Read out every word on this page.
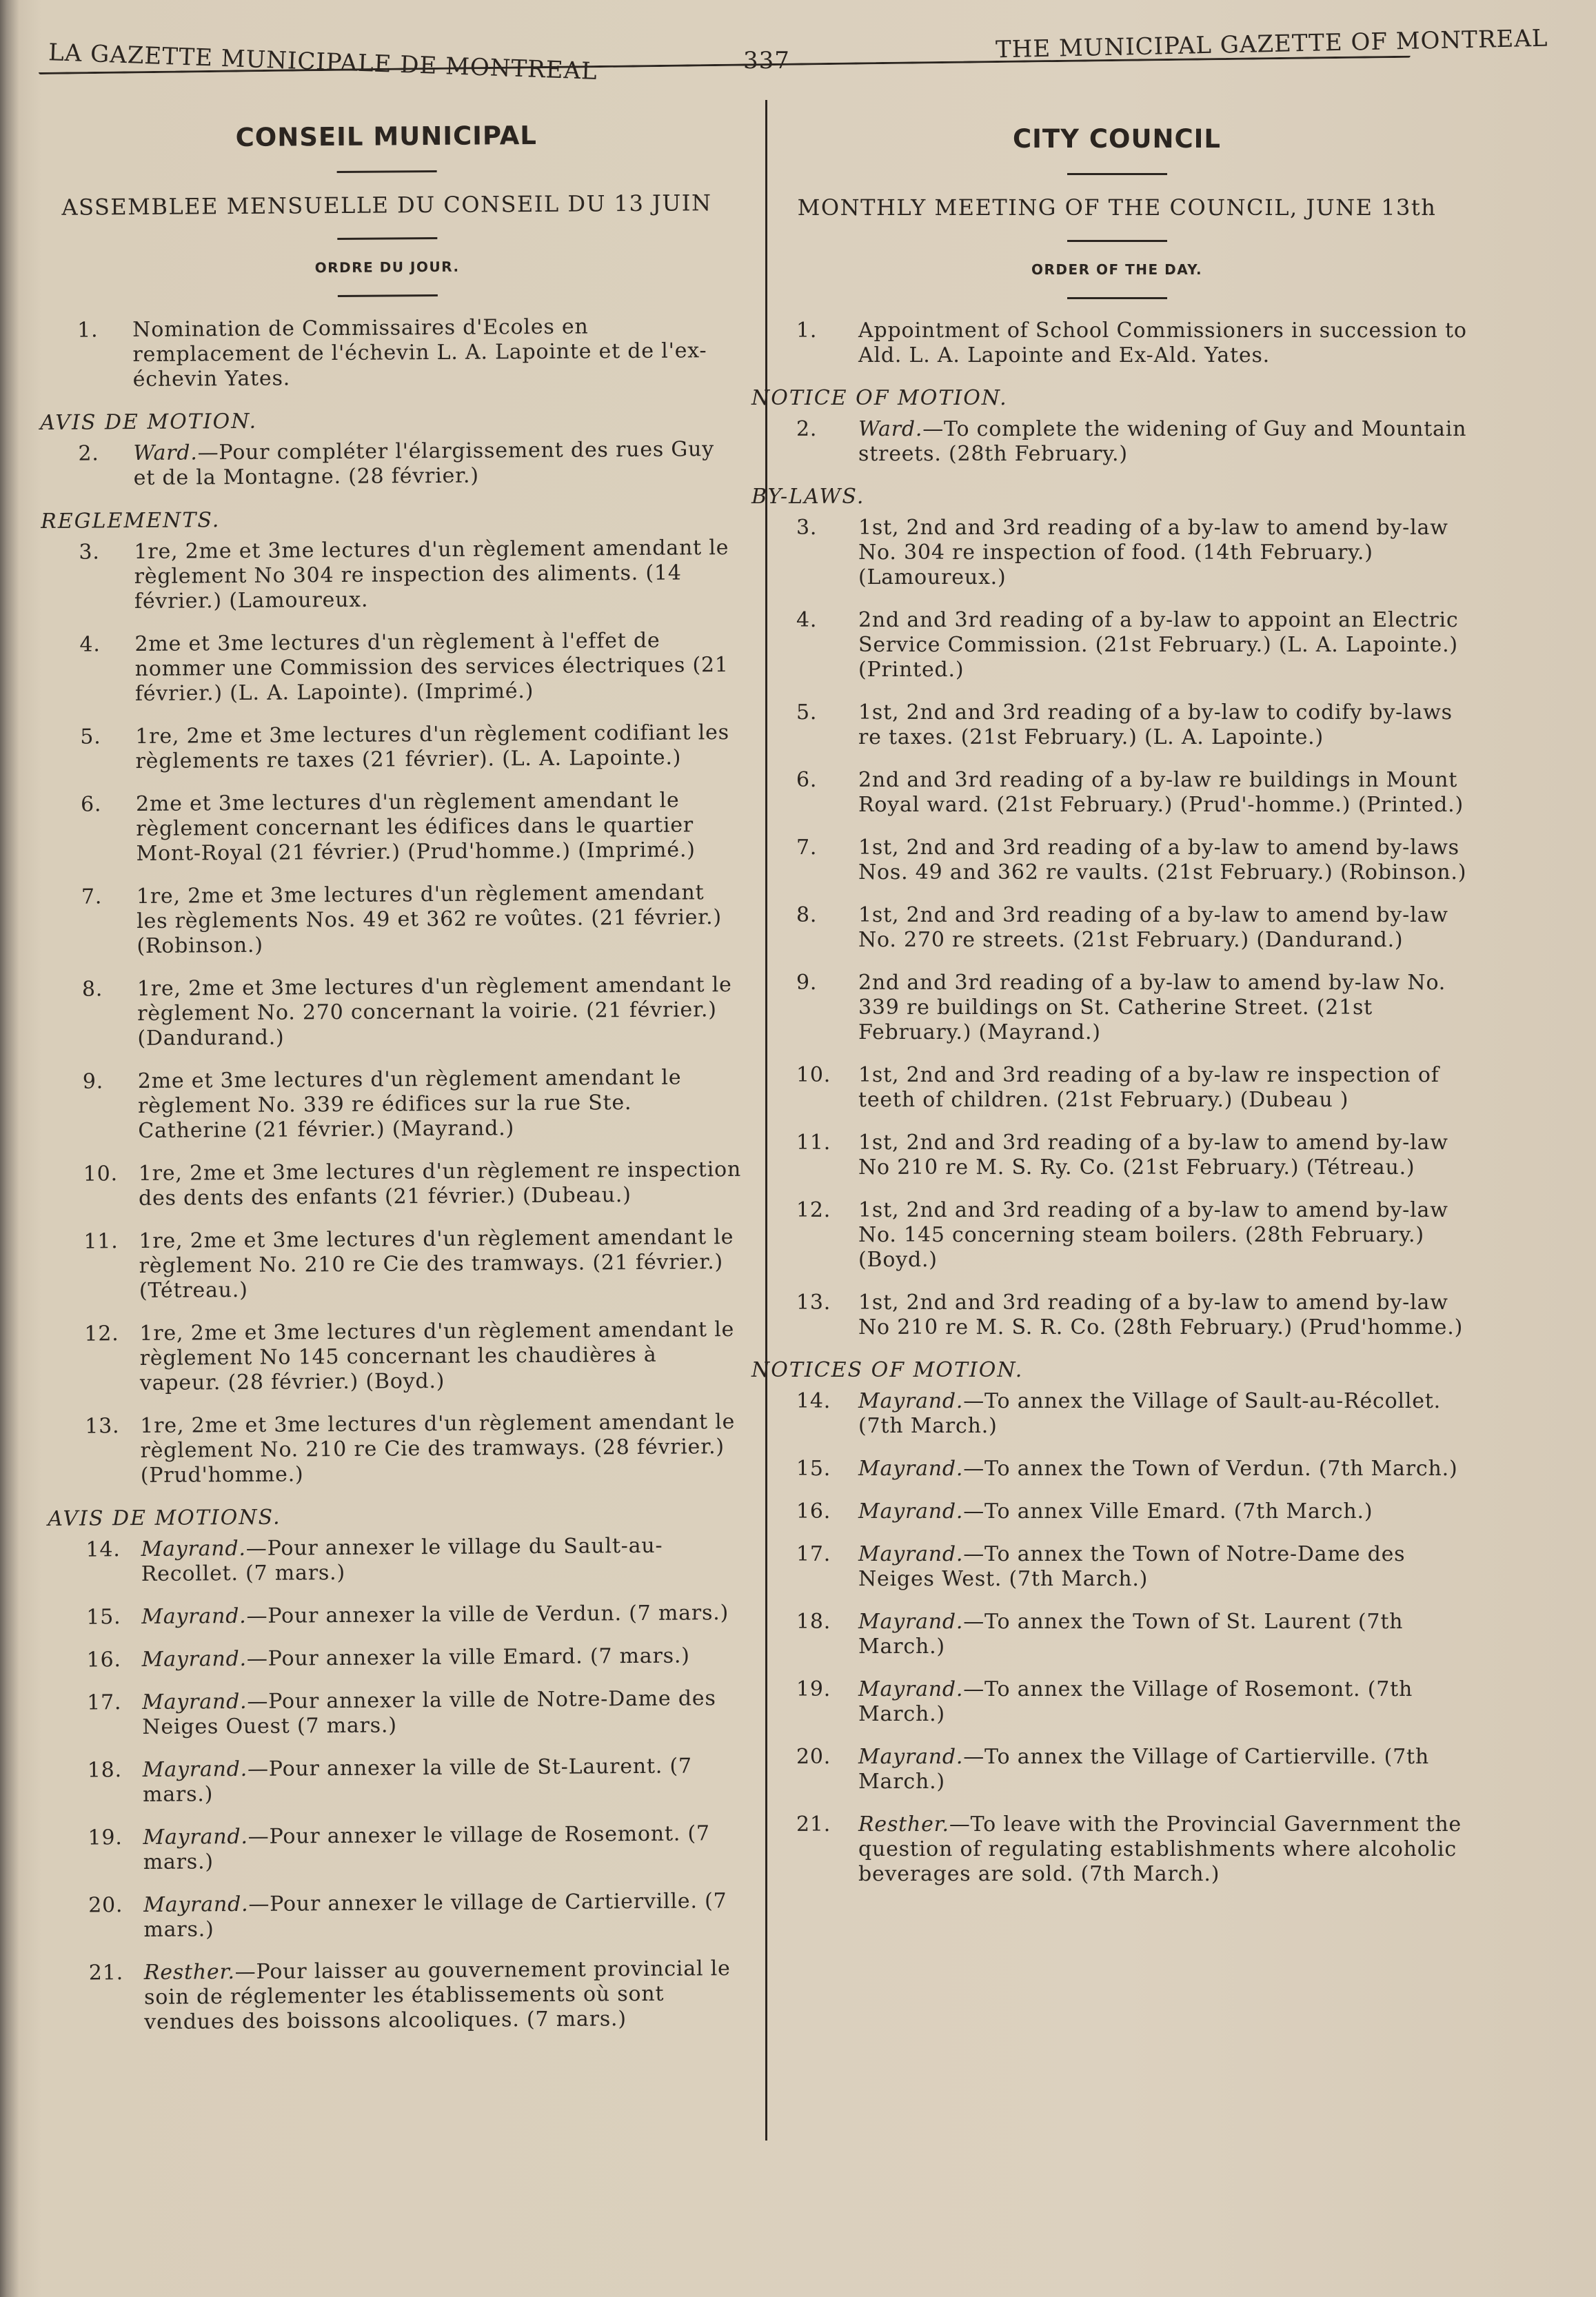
LA GAZETTE MUNICIPALE DE MONTREAL	337	THE MUNICIPAL GAZETTE OF MONTREAL
CONSEIL MUNICIPAL
ASSEMBLEE MENSUELLE DU CONSEIL DU 13 JUIN
ORDRE DU JOUR.
1. Nomination de Commissaires d'Ecoles en remplacement de l'échevin L. A. Lapointe et de l'ex-échevin Yates.
AVIS DE MOTION.
2. Ward.—Pour compléter l'élargissement des rues Guy et de la Montagne. (28 février.)
REGLEMENTS.
3. 1re, 2me et 3me lectures d'un règlement amendant le règlement No 304 re inspection des aliments. (14 février.) (Lamoureux.
4. 2me et 3me lectures d'un règlement à l'effet de nommer une Commission des services électriques (21 février.) (L. A. Lapointe). (Imprimé.)
5. 1re, 2me et 3me lectures d'un règlement codifiant les règlements re taxes (21 février). (L. A. Lapointe.)
6. 2me et 3me lectures d'un règlement amendant le règlement concernant les édifices dans le quartier Mont-Royal (21 février.) (Prud'homme.) (Imprimé.)
7. 1re, 2me et 3me lectures d'un règlement amendant les règlements Nos. 49 et 362 re voûtes. (21 février.) (Robinson.)
8. 1re, 2me et 3me lectures d'un règlement amendant le règlement No. 270 concernant la voirie. (21 février.) (Dandurand.)
9. 2me et 3me lectures d'un règlement amendant le règlement No. 339 re édifices sur la rue Ste. Catherine (21 février.) (Mayrand.)
10. 1re, 2me et 3me lectures d'un règlement re inspection des dents des enfants (21 février.) (Dubeau.)
11. 1re, 2me et 3me lectures d'un règlement amendant le règlement No. 210 re Cie des tramways. (21 février.) (Tétreau.)
12. 1re, 2me et 3me lectures d'un règlement amendant le règlement No 145 concernant les chaudières à vapeur. (28 février.) (Boyd.)
13. 1re, 2me et 3me lectures d'un règlement amendant le règlement No. 210 re Cie des tramways. (28 février.) (Prud'homme.)
AVIS DE MOTIONS.
14. Mayrand.—Pour annexer le village du Sault-au-Recollet. (7 mars.)
15. Mayrand.—Pour annexer la ville de Verdun. (7 mars.)
16. Mayrand.—Pour annexer la ville Emard. (7 mars.)
17. Mayrand.—Pour annexer la ville de Notre-Dame des Neiges Ouest (7 mars.)
18. Mayrand.—Pour annexer la ville de St-Laurent. (7 mars.)
19. Mayrand.—Pour annexer le village de Rosemont. (7 mars.)
20. Mayrand.—Pour annexer le village de Cartierville. (7 mars.)
21. Resther.—Pour laisser au gouvernement provincial le soin de réglementer les établissements où sont vendues des boissons alcooliques. (7 mars.)
CITY COUNCIL
MONTHLY MEETING OF THE COUNCIL, JUNE 13th
ORDER OF THE DAY.
1. Appointment of School Commissioners in succession to Ald. L. A. Lapointe and Ex-Ald. Yates.
NOTICE OF MOTION.
2. Ward.—To complete the widening of Guy and Mountain streets. (28th February.)
BY-LAWS.
3. 1st, 2nd and 3rd reading of a by-law to amend by-law No. 304 re inspection of food. (14th February.) (Lamoureux.)
4. 2nd and 3rd reading of a by-law to appoint an Electric Service Commission. (21st February.) (L. A. Lapointe.) (Printed.)
5. 1st, 2nd and 3rd reading of a by-law to codify by-laws re taxes. (21st February.) (L. A. Lapointe.)
6. 2nd and 3rd reading of a by-law re buildings in Mount Royal ward. (21st February.) (Prud'-homme.) (Printed.)
7. 1st, 2nd and 3rd reading of a by-law to amend by-laws Nos. 49 and 362 re vaults. (21st February.) (Robinson.)
8. 1st, 2nd and 3rd reading of a by-law to amend by-law No. 270 re streets. (21st February.) (Dandurand.)
9. 2nd and 3rd reading of a by-law to amend by-law No. 339 re buildings on St. Catherine Street. (21st February.) (Mayrand.)
10. 1st, 2nd and 3rd reading of a by-law re inspection of teeth of children. (21st February.) (Dubeau )
11. 1st, 2nd and 3rd reading of a by-law to amend by-law No 210 re M. S. Ry. Co. (21st February.) (Tétreau.)
12. 1st, 2nd and 3rd reading of a by-law to amend by-law No. 145 concerning steam boilers. (28th February.) (Boyd.)
13. 1st, 2nd and 3rd reading of a by-law to amend by-law No 210 re M. S. R. Co. (28th February.) (Prud'homme.)
NOTICES OF MOTION.
14. Mayrand.—To annex the Village of Sault-au-Récollet. (7th March.)
15. Mayrand.—To annex the Town of Verdun. (7th March.)
16. Mayrand.—To annex Ville Emard. (7th March.)
17. Mayrand.—To annex the Town of Notre-Dame des Neiges West. (7th March.)
18. Mayrand.—To annex the Town of St. Laurent (7th March.)
19. Mayrand.—To annex the Village of Rosemont. (7th March.)
20. Mayrand.—To annex the Village of Cartierville. (7th March.)
21. Resther.—To leave with the Provincial Gavernment the question of regulating establishments where alcoholic beverages are sold. (7th March.)
